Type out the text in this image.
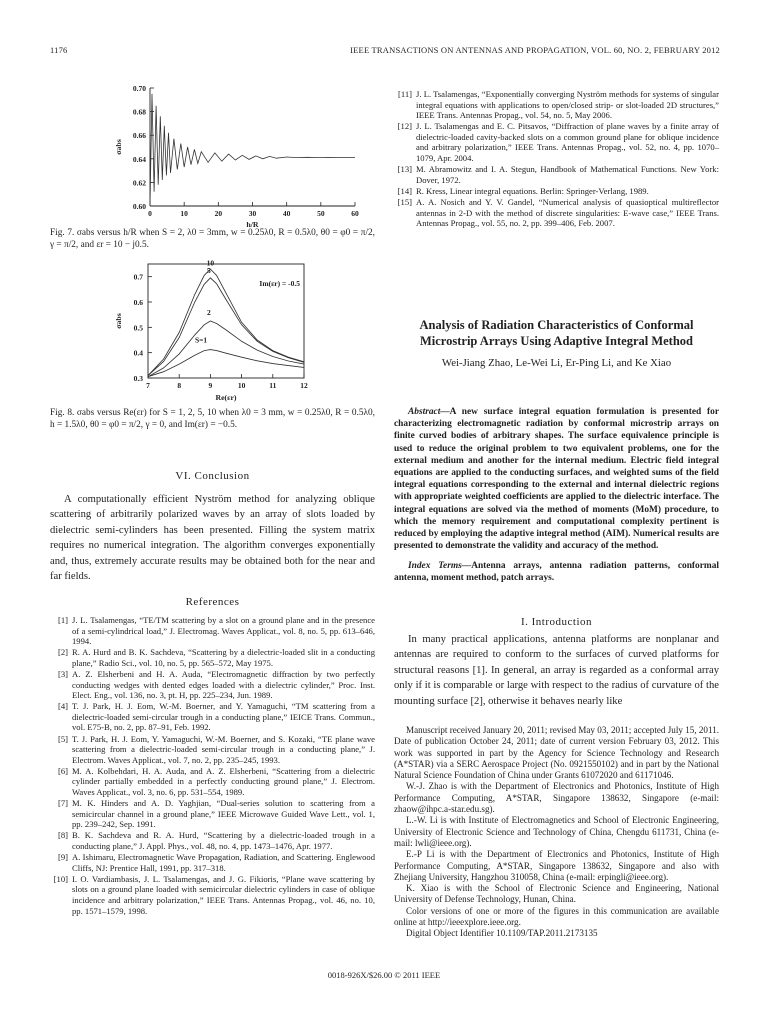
1176	IEEE TRANSACTIONS ON ANTENNAS AND PROPAGATION, VOL. 60, NO. 2, FEBRUARY 2012
0.60
0.62
0.64
0.66
0.68
0.70
0	10	20	30	40	50	60
h/R
σabs
Fig. 7. σabs versus h/R when S = 2, λ0 = 3mm, w = 0.25λ0, R = 0.5λ0, θ0 = φ0 = π/2, γ = π/2, and εr = 10 − j0.5.
0.3
0.4
0.5
0.6
0.7
7	8	9	10	11	12
Re(εr)
σabs
Im(εr) = -0.5
S=1
2
5
10
Fig. 8. σabs versus Re(εr) for S = 1, 2, 5, 10 when λ0 = 3 mm, w = 0.25λ0, R = 0.5λ0, h = 1.5λ0, θ0 = φ0 = π/2, γ = 0, and Im(εr) = −0.5.
VI. Conclusion

A computationally efficient Nyström method for analyzing oblique scattering of arbitrarily polarized waves by an array of slots loaded by dielectric semi-cylinders has been presented. Filling the system matrix requires no numerical integration. The algorithm converges exponentially and, thus, extremely accurate results may be obtained both for the near and far fields.

References
[1] J. L. Tsalamengas, “TE/TM scattering by a slot on a ground plane and in the presence of a semi-cylindrical load,” J. Electromag. Waves Applicat., vol. 8, no. 5, pp. 613–646, 1994.
[2] R. A. Hurd and B. K. Sachdeva, “Scattering by a dielectric-loaded slit in a conducting plane,” Radio Sci., vol. 10, no. 5, pp. 565–572, May 1975.
[3] A. Z. Elsherbeni and H. A. Auda, “Electromagnetic diffraction by two perfectly conducting wedges with dented edges loaded with a dielectric cylinder,” Proc. Inst. Elect. Eng., vol. 136, no. 3, pt. H, pp. 225–234, Jun. 1989.
[4] T. J. Park, H. J. Eom, W.-M. Boerner, and Y. Yamaguchi, “TM scattering from a dielectric-loaded semi-circular trough in a conducting plane,” IEICE Trans. Commun., vol. E75-B, no. 2, pp. 87–91, Feb. 1992.
[5] T. J. Park, H. J. Eom, Y. Yamaguchi, W.-M. Boerner, and S. Kozaki, “TE plane wave scattering from a dielectric-loaded semi-circular trough in a conducting plane,” J. Electrom. Waves Applicat., vol. 7, no. 2, pp. 235–245, 1993.
[6] M. A. Kolbehdari, H. A. Auda, and A. Z. Elsherbeni, “Scattering from a dielectric cylinder partially embedded in a perfectly conducting ground plane,” J. Electrom. Waves Applicat., vol. 3, no. 6, pp. 531–554, 1989.
[7] M. K. Hinders and A. D. Yaghjian, “Dual-series solution to scattering from a semicircular channel in a ground plane,” IEEE Microwave Guided Wave Lett., vol. 1, pp. 239–242, Sep. 1991.
[8] B. K. Sachdeva and R. A. Hurd, “Scattering by a dielectric-loaded trough in a conducting plane,” J. Appl. Phys., vol. 48, no. 4, pp. 1473–1476, Apr. 1977.
[9] A. Ishimaru, Electromagnetic Wave Propagation, Radiation, and Scattering. Englewood Cliffs, NJ: Prentice Hall, 1991, pp. 317–318.
[10] I. O. Vardiambasis, J. L. Tsalamengas, and J. G. Fikioris, “Plane wave scattering by slots on a ground plane loaded with semicircular dielectric cylinders in case of oblique incidence and arbitrary polarization,” IEEE Trans. Antennas Propag., vol. 46, no. 10, pp. 1571–1579, 1998.
[11] J. L. Tsalamengas, “Exponentially converging Nyström methods for systems of singular integral equations with applications to open/closed strip- or slot-loaded 2D structures,” IEEE Trans. Antennas Propag., vol. 54, no. 5, May 2006.
[12] J. L. Tsalamengas and E. C. Pitsavos, “Diffraction of plane waves by a finite array of dielectric-loaded cavity-backed slots on a common ground plane for oblique incidence and arbitrary polarization,” IEEE Trans. Antennas Propag., vol. 52, no. 4, pp. 1070–1079, Apr. 2004.
[13] M. Abramowitz and I. A. Stegun, Handbook of Mathematical Functions. New York: Dover, 1972.
[14] R. Kress, Linear integral equations. Berlin: Springer-Verlang, 1989.
[15] A. A. Nosich and Y. V. Gandel, “Numerical analysis of quasioptical multireflector antennas in 2-D with the method of discrete singularities: E-wave case,” IEEE Trans. Antennas Propag., vol. 55, no. 2, pp. 399–406, Feb. 2007.
Analysis of Radiation Characteristics of Conformal
Microstrip Arrays Using Adaptive Integral Method
Wei-Jiang Zhao, Le-Wei Li, Er-Ping Li, and Ke Xiao
Abstract—A new surface integral equation formulation is presented for characterizing electromagnetic radiation by conformal microstrip arrays on finite curved bodies of arbitrary shapes. The surface equivalence principle is used to reduce the original problem to two equivalent problems, one for the external medium and another for the internal medium. Electric field integral equations are applied to the conducting surfaces, and weighted sums of the field integral equations corresponding to the external and internal dielectric regions with appropriate weighted coefficients are applied to the dielectric interface. The integral equations are solved via the method of moments (MoM) procedure, to which the memory requirement and computational complexity pertinent is reduced by employing the adaptive integral method (AIM). Numerical results are presented to demonstrate the validity and accuracy of the method.
Index Terms—Antenna arrays, antenna radiation patterns, conformal antenna, moment method, patch arrays.
I. Introduction

In many practical applications, antenna platforms are nonplanar and antennas are required to conform to the surfaces of curved platforms for structural reasons [1]. In general, an array is regarded as a conformal array only if it is comparable or large with respect to the radius of curvature of the mounting surface [2], otherwise it behaves nearly like

Manuscript received January 20, 2011; revised May 03, 2011; accepted July 15, 2011. Date of publication October 24, 2011; date of current version February 03, 2012. This work was supported in part by the Agency for Science Technology and Research (A*STAR) via a SERC Aerospace Project (No. 0921550102) and in part by the National Natural Science Foundation of China under Grants 61072020 and 61171046.

W.-J. Zhao is with the Department of Electronics and Photonics, Institute of High Performance Computing, A*STAR, Singapore 138632, Singapore (e-mail: zhaow@ihpc.a-star.edu.sg).

L.-W. Li is with Institute of Electromagnetics and School of Electronic Engineering, University of Electronic Science and Technology of China, Chengdu 611731, China (e-mail: lwli@ieee.org).

E.-P Li is with the Department of Electronics and Photonics, Institute of High Performance Computing, A*STAR, Singapore 138632, Singapore and also with Zhejiang University, Hangzhou 310058, China (e-mail: erpingli@ieee.org).

K. Xiao is with the School of Electronic Science and Engineering, National University of Defense Technology, Hunan, China.

Color versions of one or more of the figures in this communication are available online at http://ieeexplore.ieee.org.

Digital Object Identifier 10.1109/TAP.2011.2173135

0018-926X/$26.00 © 2011 IEEE
